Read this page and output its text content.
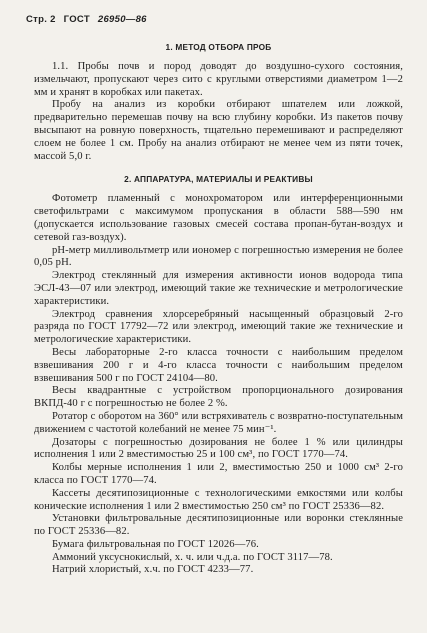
Стр. 2 ГОСТ 26950—86
1. МЕТОД ОТБОРА ПРОБ

1.1. Пробы почв и пород доводят до воздушно-сухого состояния, измельчают, пропускают через сито с круглыми отверстиями диаметром 1—2 мм и хранят в коробках или пакетах.

Пробу на анализ из коробки отбирают шпателем или ложкой, предварительно перемешав почву на всю глубину коробки. Из пакетов почву высыпают на ровную поверхность, тщательно перемешивают и распределяют слоем не более 1 см. Пробу на анализ отбирают не менее чем из пяти точек, массой 5,0 г.

2. АППАРАТУРА, МАТЕРИАЛЫ И РЕАКТИВЫ

Фотометр пламенный с монохроматором или интерференционными светофильтрами с максимумом пропускания в области 588—590 нм (допускается использование газовых смесей состава пропан-бутан-воздух и сетевой газ-воздух).

рН-метр милливольтметр или иономер с погрешностью измерения не более 0,05 рН.

Электрод стеклянный для измерения активности ионов водорода типа ЭСЛ-43—07 или электрод, имеющий такие же технические и метрологические характеристики.

Электрод сравнения хлорсеребряный насыщенный образцовый 2-го разряда по ГОСТ 17792—72 или электрод, имеющий такие же технические и метрологические характеристики.

Весы лабораторные 2-го класса точности с наибольшим пределом взвешивания 200 г и 4-го класса точности с наибольшим пределом взвешивания 500 г по ГОСТ 24104—80.

Весы квадрантные с устройством пропорционального дозирования ВКПД-40 г с погрешностью не более 2 %.

Ротатор с оборотом на 360° или встряхиватель с возвратно-поступательным движением с частотой колебаний не менее 75 мин⁻¹.

Дозаторы с погрешностью дозирования не более 1 % или цилиндры исполнения 1 или 2 вместимостью 25 и 100 см³, по ГОСТ 1770—74.

Колбы мерные исполнения 1 или 2, вместимостью 250 и 1000 см³ 2-го класса по ГОСТ 1770—74.

Кассеты десятипозиционные с технологическими емкостями или колбы конические исполнения 1 или 2 вместимостью 250 см³ по ГОСТ 25336—82.

Установки фильтровальные десятипозиционные или воронки стеклянные по ГОСТ 25336—82.

Бумага фильтровальная по ГОСТ 12026—76.

Аммоний уксуснокислый, х. ч. или ч.д.а. по ГОСТ 3117—78.

Натрий хлористый, х.ч. по ГОСТ 4233—77.
